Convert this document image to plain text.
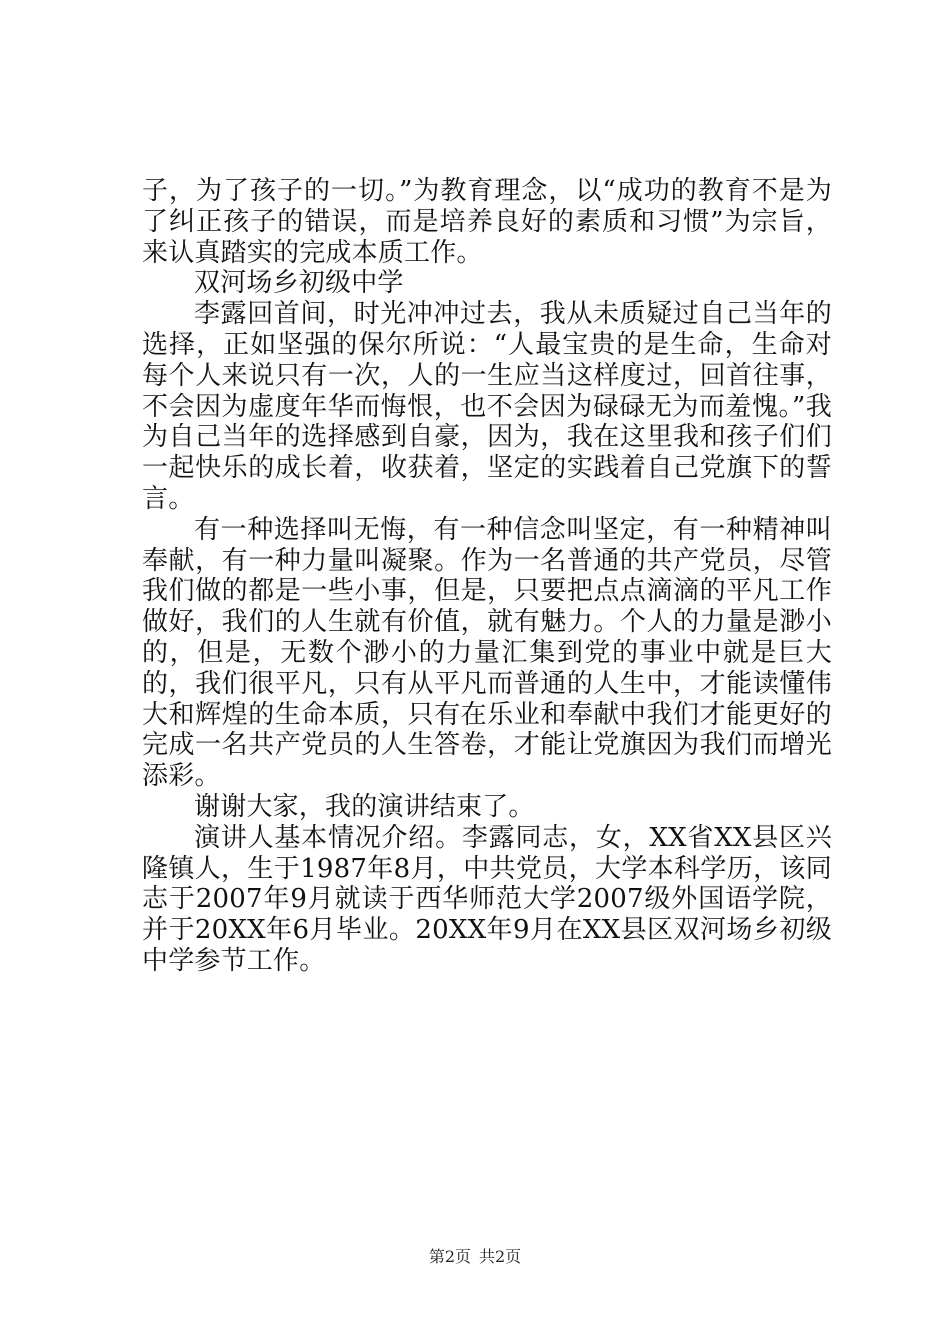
子，为了孩子的一切。”为教育理念，以“成功的教育不是为了纠正孩子的错误，而是培养良好的素质和习惯”为宗旨，来认真踏实的完成本质工作。

双河场乡初级中学

李露回首间，时光冲冲过去，我从未质疑过自己当年的选择，正如坚强的保尔所说：“人最宝贵的是生命，生命对每个人来说只有一次，人的一生应当这样度过，回首往事，不会因为虚度年华而悔恨，也不会因为碌碌无为而羞愧。”我为自己当年的选择感到自豪，因为，我在这里我和孩子们们一起快乐的成长着，收获着，坚定的实践着自己党旗下的誓言。

有一种选择叫无悔，有一种信念叫坚定，有一种精神叫奉献，有一种力量叫凝聚。作为一名普通的共产党员，尽管我们做的都是一些小事，但是，只要把点点滴滴的平凡工作做好，我们的人生就有价值，就有魅力。个人的力量是渺小的，但是，无数个渺小的力量汇集到党的事业中就是巨大的，我们很平凡，只有从平凡而普通的人生中，才能读懂伟大和辉煌的生命本质，只有在乐业和奉献中我们才能更好的完成一名共产党员的人生答卷，才能让党旗因为我们而增光添彩。

谢谢大家，我的演讲结束了。

演讲人基本情况介绍。李露同志，女，XX省XX县区兴隆镇人，生于1987年8月，中共党员，大学本科学历，该同志于2007年9月就读于西华师范大学2007级外国语学院，并于20XX年6月毕业。20XX年9月在XX县区双河场乡初级中学参节工作。

第2页 共2页
